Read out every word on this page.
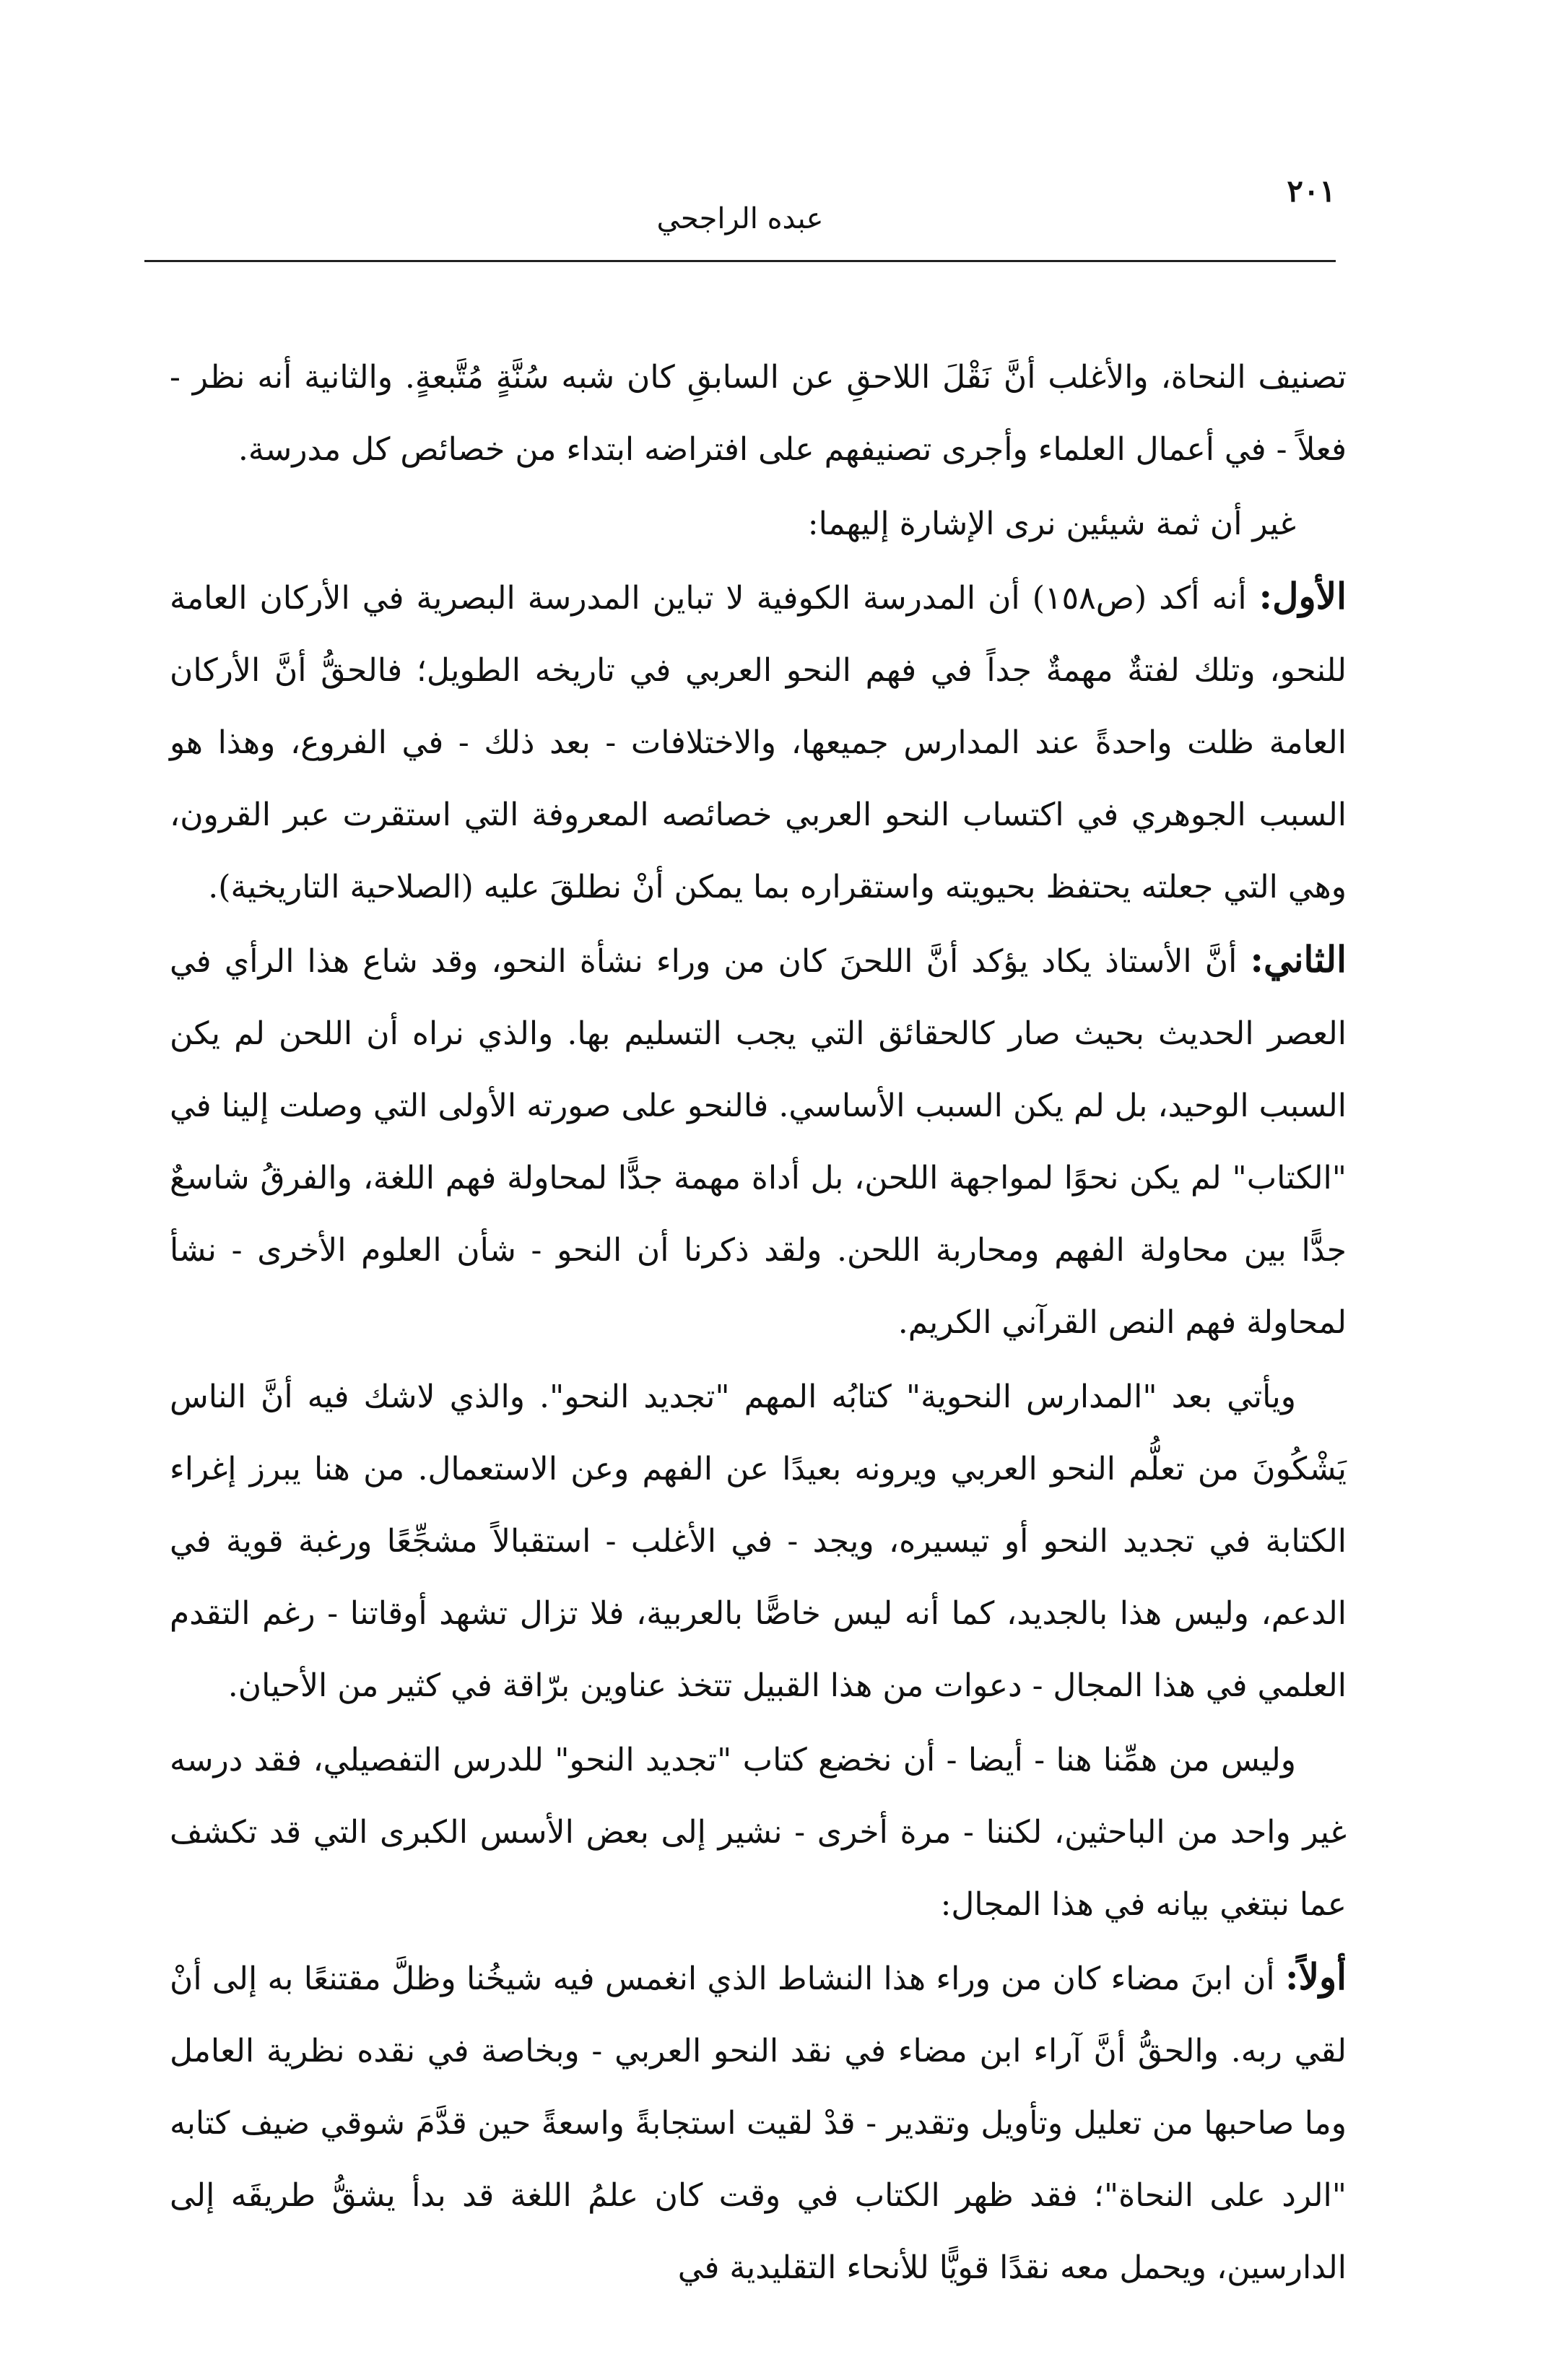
٢٠١
عبده الراجحي

تصنيف النحاة، والأغلب أنَّ نَقْلَ اللاحقِ عن السابقِ كان شبه سُنَّةٍ مُتَّبعةٍ. والثانية أنه نظر - فعلاً - في أعمال العلماء وأجرى تصنيفهم على افتراضه ابتداء من خصائص كل مدرسة.

غير أن ثمة شيئين نرى الإشارة إليهما:

الأول: أنه أكد (ص١٥٨) أن المدرسة الكوفية لا تباين المدرسة البصرية في الأركان العامة للنحو، وتلك لفتةٌ مهمةٌ جداً في فهم النحو العربي في تاريخه الطويل؛ فالحقُّ أنَّ الأركان العامة ظلت واحدةً عند المدارس جميعها، والاختلافات - بعد ذلك - في الفروع، وهذا هو السبب الجوهري في اكتساب النحو العربي خصائصه المعروفة التي استقرت عبر القرون، وهي التي جعلته يحتفظ بحيويته واستقراره بما يمكن أنْ نطلقَ عليه (الصلاحية التاريخية).

الثاني: أنَّ الأستاذ يكاد يؤكد أنَّ اللحنَ كان من وراء نشأة النحو، وقد شاع هذا الرأي في العصر الحديث بحيث صار كالحقائق التي يجب التسليم بها. والذي نراه أن اللحن لم يكن السبب الوحيد، بل لم يكن السبب الأساسي. فالنحو على صورته الأولى التي وصلت إلينا في "الكتاب" لم يكن نحوًا لمواجهة اللحن، بل أداة مهمة جدًّا لمحاولة فهم اللغة، والفرقُ شاسعٌ جدًّا بين محاولة الفهم ومحاربة اللحن. ولقد ذكرنا أن النحو - شأن العلوم الأخرى - نشأ لمحاولة فهم النص القرآني الكريم.

ويأتي بعد "المدارس النحوية" كتابُه المهم "تجديد النحو". والذي لاشك فيه أنَّ الناس يَشْكُونَ من تعلُّم النحو العربي ويرونه بعيدًا عن الفهم وعن الاستعمال. من هنا يبرز إغراء الكتابة في تجديد النحو أو تيسيره، ويجد - في الأغلب - استقبالاً مشجِّعًا ورغبة قوية في الدعم، وليس هذا بالجديد، كما أنه ليس خاصًّا بالعربية، فلا تزال تشهد أوقاتنا - رغم التقدم العلمي في هذا المجال - دعوات من هذا القبيل تتخذ عناوين برّاقة في كثير من الأحيان.

وليس من همِّنا هنا - أيضا - أن نخضع كتاب "تجديد النحو" للدرس التفصيلي، فقد درسه غير واحد من الباحثين، لكننا - مرة أخرى - نشير إلى بعض الأسس الكبرى التي قد تكشف عما نبتغي بيانه في هذا المجال:

أولاً: أن ابنَ مضاء كان من وراء هذا النشاط الذي انغمس فيه شيخُنا وظلَّ مقتنعًا به إلى أنْ لقي ربه. والحقُّ أنَّ آراء ابن مضاء في نقد النحو العربي - وبخاصة في نقده نظرية العامل وما صاحبها من تعليل وتأويل وتقدير - قدْ لقيت استجابةً واسعةً حين قدَّمَ شوقي ضيف كتابه "الرد على النحاة"؛ فقد ظهر الكتاب في وقت كان علمُ اللغة قد بدأ يشقُّ طريقَه إلى الدارسين، ويحمل معه نقدًا قويًّا للأنحاء التقليدية في
